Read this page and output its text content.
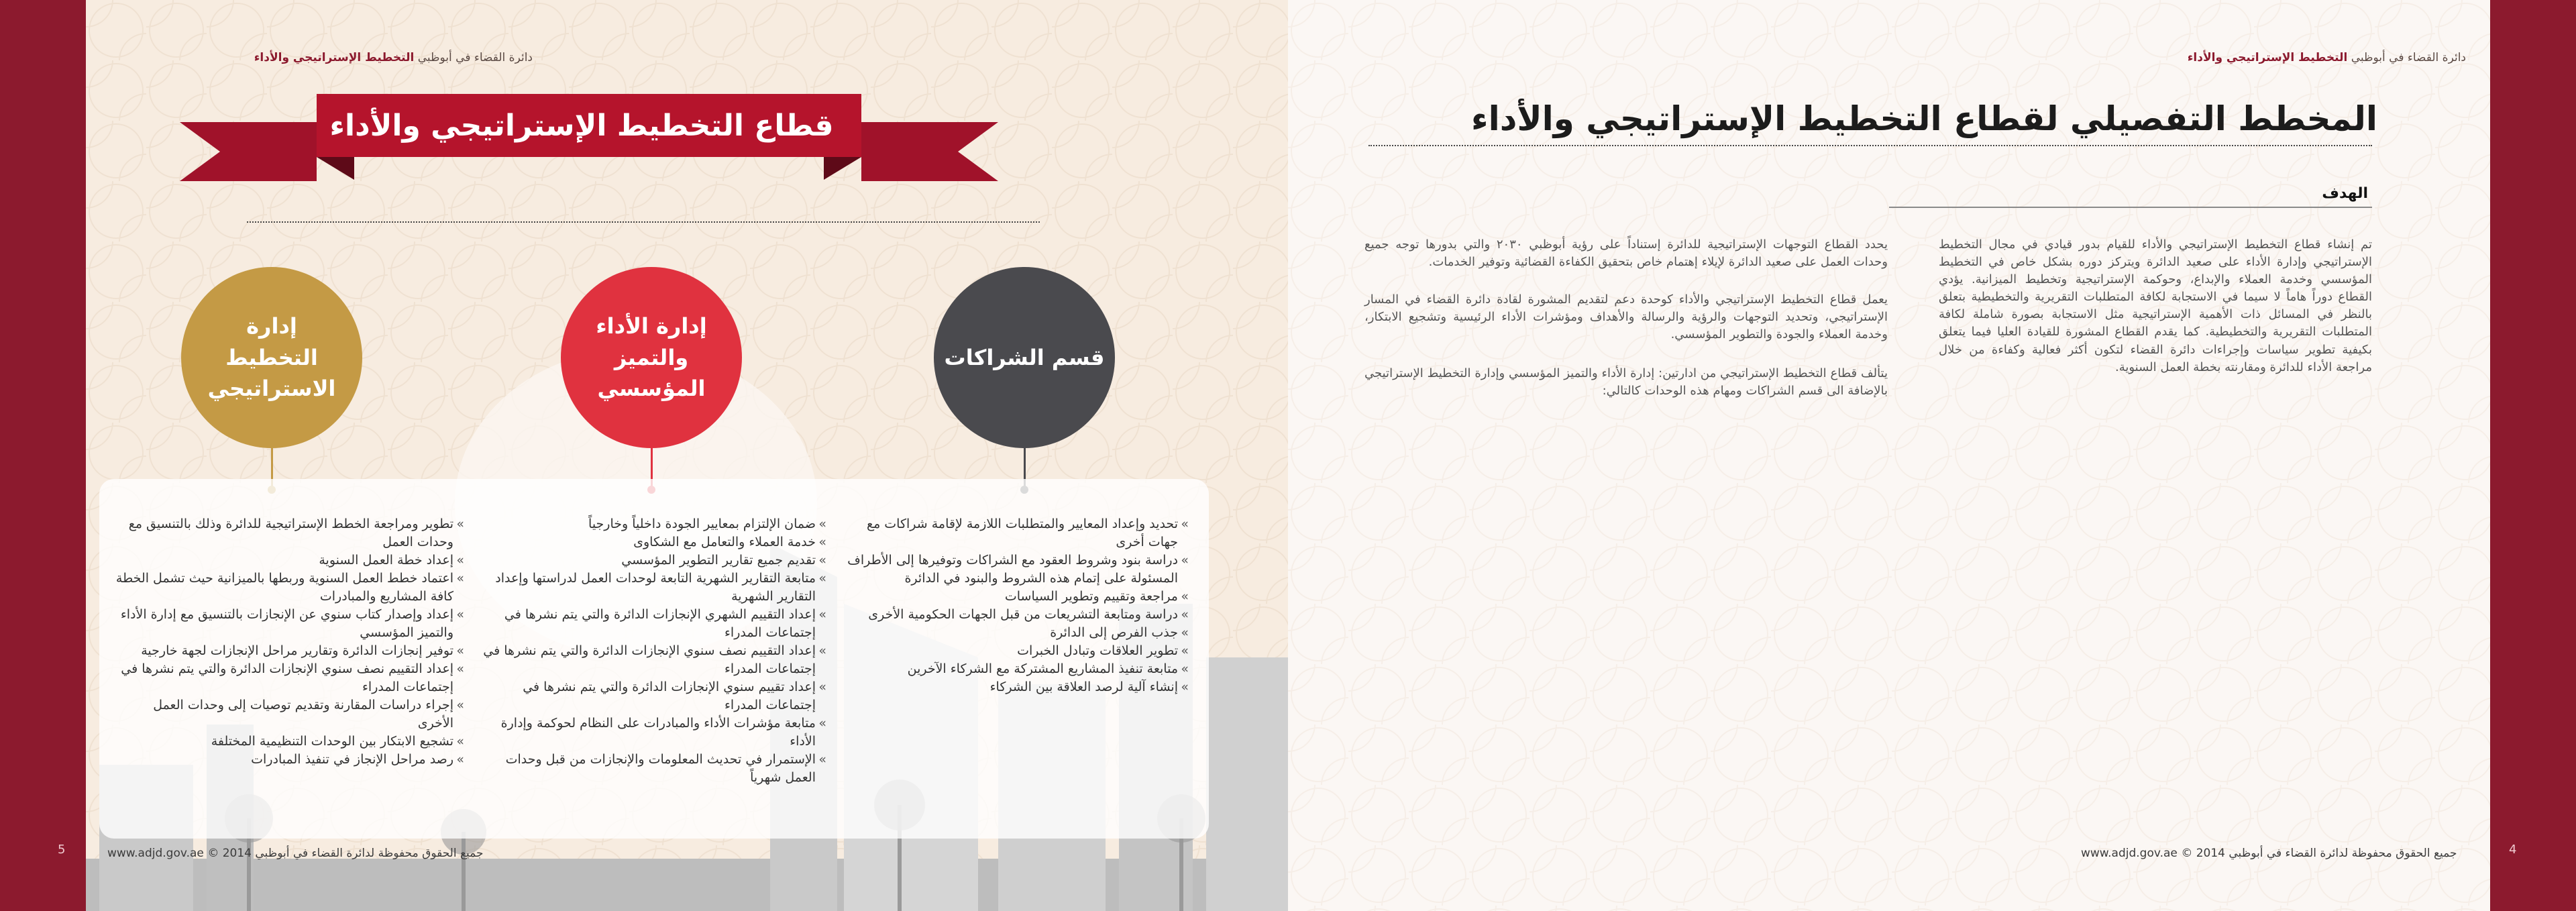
5	4
دائرة القضاء في أبوظبي التخطيط الإستراتيجي والأداء
قطاع التخطيط الإستراتيجي والأداء
قسم الشراكات
إدارة الأداء والتميز المؤسسي
إدارة التخطيط الاستراتيجي
» تحديد وإعداد المعايير والمتطلبات اللازمة لإقامة شراكات مع جهات أخرى
» دراسة بنود وشروط العقود مع الشراكات وتوفيرها إلى الأطراف المسئولة على إتمام هذه الشروط والبنود في الدائرة
» مراجعة وتقييم وتطوير السياسات
» دراسة ومتابعة التشريعات من قبل الجهات الحكومية الأخرى
» جذب الفرص إلى الدائرة
» تطوير العلاقات وتبادل الخبرات
» متابعة تنفيذ المشاريع المشتركة مع الشركاء الآخرين
» إنشاء آلية لرصد العلاقة بين الشركاء
» ضمان الإلتزام بمعايير الجودة داخلياً وخارجياً
» خدمة العملاء والتعامل مع الشكاوى
» تقديم جميع تقارير التطوير المؤسسي
» متابعة التقارير الشهرية التابعة لوحدات العمل لدراستها وإعداد التقارير الشهرية
» إعداد التقييم الشهري الإنجازات الدائرة والتي يتم نشرها في إجتماعات المدراء
» إعداد التقييم نصف سنوي الإنجازات الدائرة والتي يتم نشرها في إجتماعات المدراء
» إعداد تقييم سنوي الإنجازات الدائرة والتي يتم نشرها في إجتماعات المدراء
» متابعة مؤشرات الأداء والمبادرات على النظام لحوكمة وإدارة الأداء
» الإستمرار في تحديث المعلومات والإنجازات من قبل وحدات العمل شهرياً
» تطوير ومراجعة الخطط الإستراتيجية للدائرة وذلك بالتنسيق مع وحدات العمل
» إعداد خطة العمل السنوية
» اعتماد خطط العمل السنوية وربطها بالميزانية حيث تشمل الخطة كافة المشاريع والمبادرات
» إعداد وإصدار كتاب سنوي عن الإنجازات بالتنسيق مع إدارة الأداء والتميز المؤسسي
» توفير إنجازات الدائرة وتقارير مراحل الإنجازات لجهة خارجية
» إعداد التقييم نصف سنوي الإنجازات الدائرة والتي يتم نشرها في إجتماعات المدراء
» إجراء دراسات المقارنة وتقديم توصيات إلى وحدات العمل الأخرى
» تشجيع الابتكار بين الوحدات التنظيمية المختلفة
» رصد مراحل الإنجاز في تنفيذ المبادرات
www.adjd.gov.ae © 2014 جميع الحقوق محفوظة لدائرة القضاء في أبوظبي
دائرة القضاء في أبوظبي التخطيط الإستراتيجي والأداء
المخطط التفصيلي لقطاع التخطيط الإستراتيجي والأداء
الهدف

تم إنشاء قطاع التخطيط الإستراتيجي والأداء للقيام بدور قيادي في مجال التخطيط الإستراتيجي وإدارة الأداء على صعيد الدائرة ويتركز دوره بشكل خاص في التخطيط المؤسسي وخدمة العملاء والإبداع، وحوكمة الإستراتيجية وتخطيط الميزانية. يؤدي القطاع دوراً هاماً لا سيما في الاستجابة لكافة المتطلبات التقريرية والتخطيطية بتعلق بالنظر في المسائل ذات الأهمية الإستراتيجية مثل الاستجابة بصورة شاملة لكافة المتطلبات التقريرية والتخطيطية. كما يقدم القطاع المشورة للقيادة العليا فيما يتعلق بكيفية تطوير سياسات وإجراءات دائرة القضاء لتكون أكثر فعالية وكفاءة من خلال مراجعة الأداء للدائرة ومقارنته بخطة العمل السنوية.

يحدد القطاع التوجهات الإستراتيجية للدائرة إستناداً على رؤية أبوظبي ٢٠٣٠ والتي بدورها توجه جميع وحدات العمل على صعيد الدائرة لإيلاء إهتمام خاص بتحقيق الكفاءة القضائية وتوفير الخدمات.

يعمل قطاع التخطيط الإستراتيجي والأداء كوحدة دعم لتقديم المشورة لقادة دائرة القضاء في المسار الإستراتيجي، وتحديد التوجهات والرؤية والرسالة والأهداف ومؤشرات الأداء الرئيسية وتشجيع الابتكار، وخدمة العملاء والجودة والتطوير المؤسسي.

يتألف قطاع التخطيط الإستراتيجي من ادارتين: إدارة الأداء والتميز المؤسسي وإدارة التخطيط الإستراتيجي بالإضافة الى قسم الشراكات ومهام هذه الوحدات كالتالي:

www.adjd.gov.ae © 2014 جميع الحقوق محفوظة لدائرة القضاء في أبوظبي
